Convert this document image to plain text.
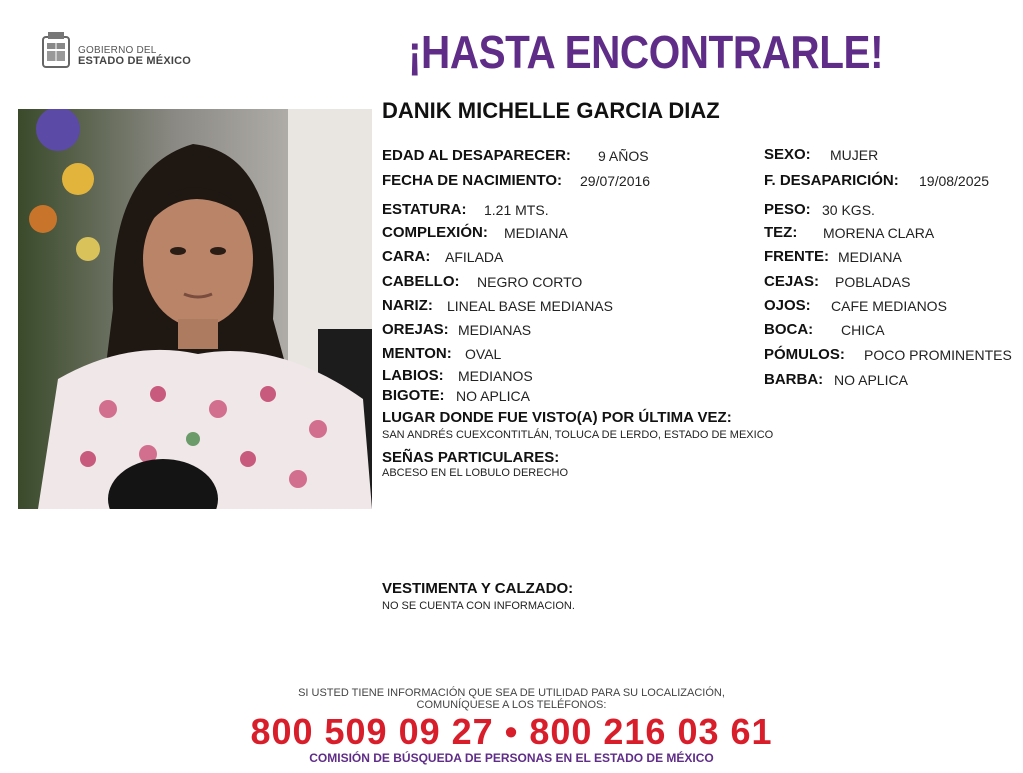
GOBIERNO DEL
ESTADO DE MÉXICO	¡HASTA ENCONTRARLE!
DANIK MICHELLE GARCIA DIAZ
EDAD AL DESAPARECER: 9 AÑOS
FECHA DE NACIMIENTO: 29/07/2016
ESTATURA: 1.21 MTS.
COMPLEXIÓN: MEDIANA
CARA: AFILADA
CABELLO: NEGRO CORTO
NARIZ: LINEAL BASE MEDIANAS
OREJAS: MEDIANAS
MENTON: OVAL
LABIOS: MEDIANOS
BIGOTE: NO APLICA
SEXO: MUJER
F. DESAPARICIÓN: 19/08/2025
PESO: 30 KGS.
TEZ: MORENA CLARA
FRENTE: MEDIANA
CEJAS: POBLADAS
OJOS: CAFE MEDIANOS
BOCA: CHICA
PÓMULOS: POCO PROMINENTES
BARBA: NO APLICA
LUGAR DONDE FUE VISTO(A) POR ÚLTIMA VEZ:
SAN ANDRÉS CUEXCONTITLÁN, TOLUCA DE LERDO, ESTADO DE MEXICO
SEÑAS PARTICULARES:
ABCESO EN EL LOBULO DERECHO
VESTIMENTA Y CALZADO:
NO SE CUENTA CON INFORMACION.
SI USTED TIENE INFORMACIÓN QUE SEA DE UTILIDAD PARA SU LOCALIZACIÓN,
COMUNÍQUESE A LOS TELÉFONOS:
800 509 09 27 • 800 216 03 61
COMISIÓN DE BÚSQUEDA DE PERSONAS EN EL ESTADO DE MÉXICO
